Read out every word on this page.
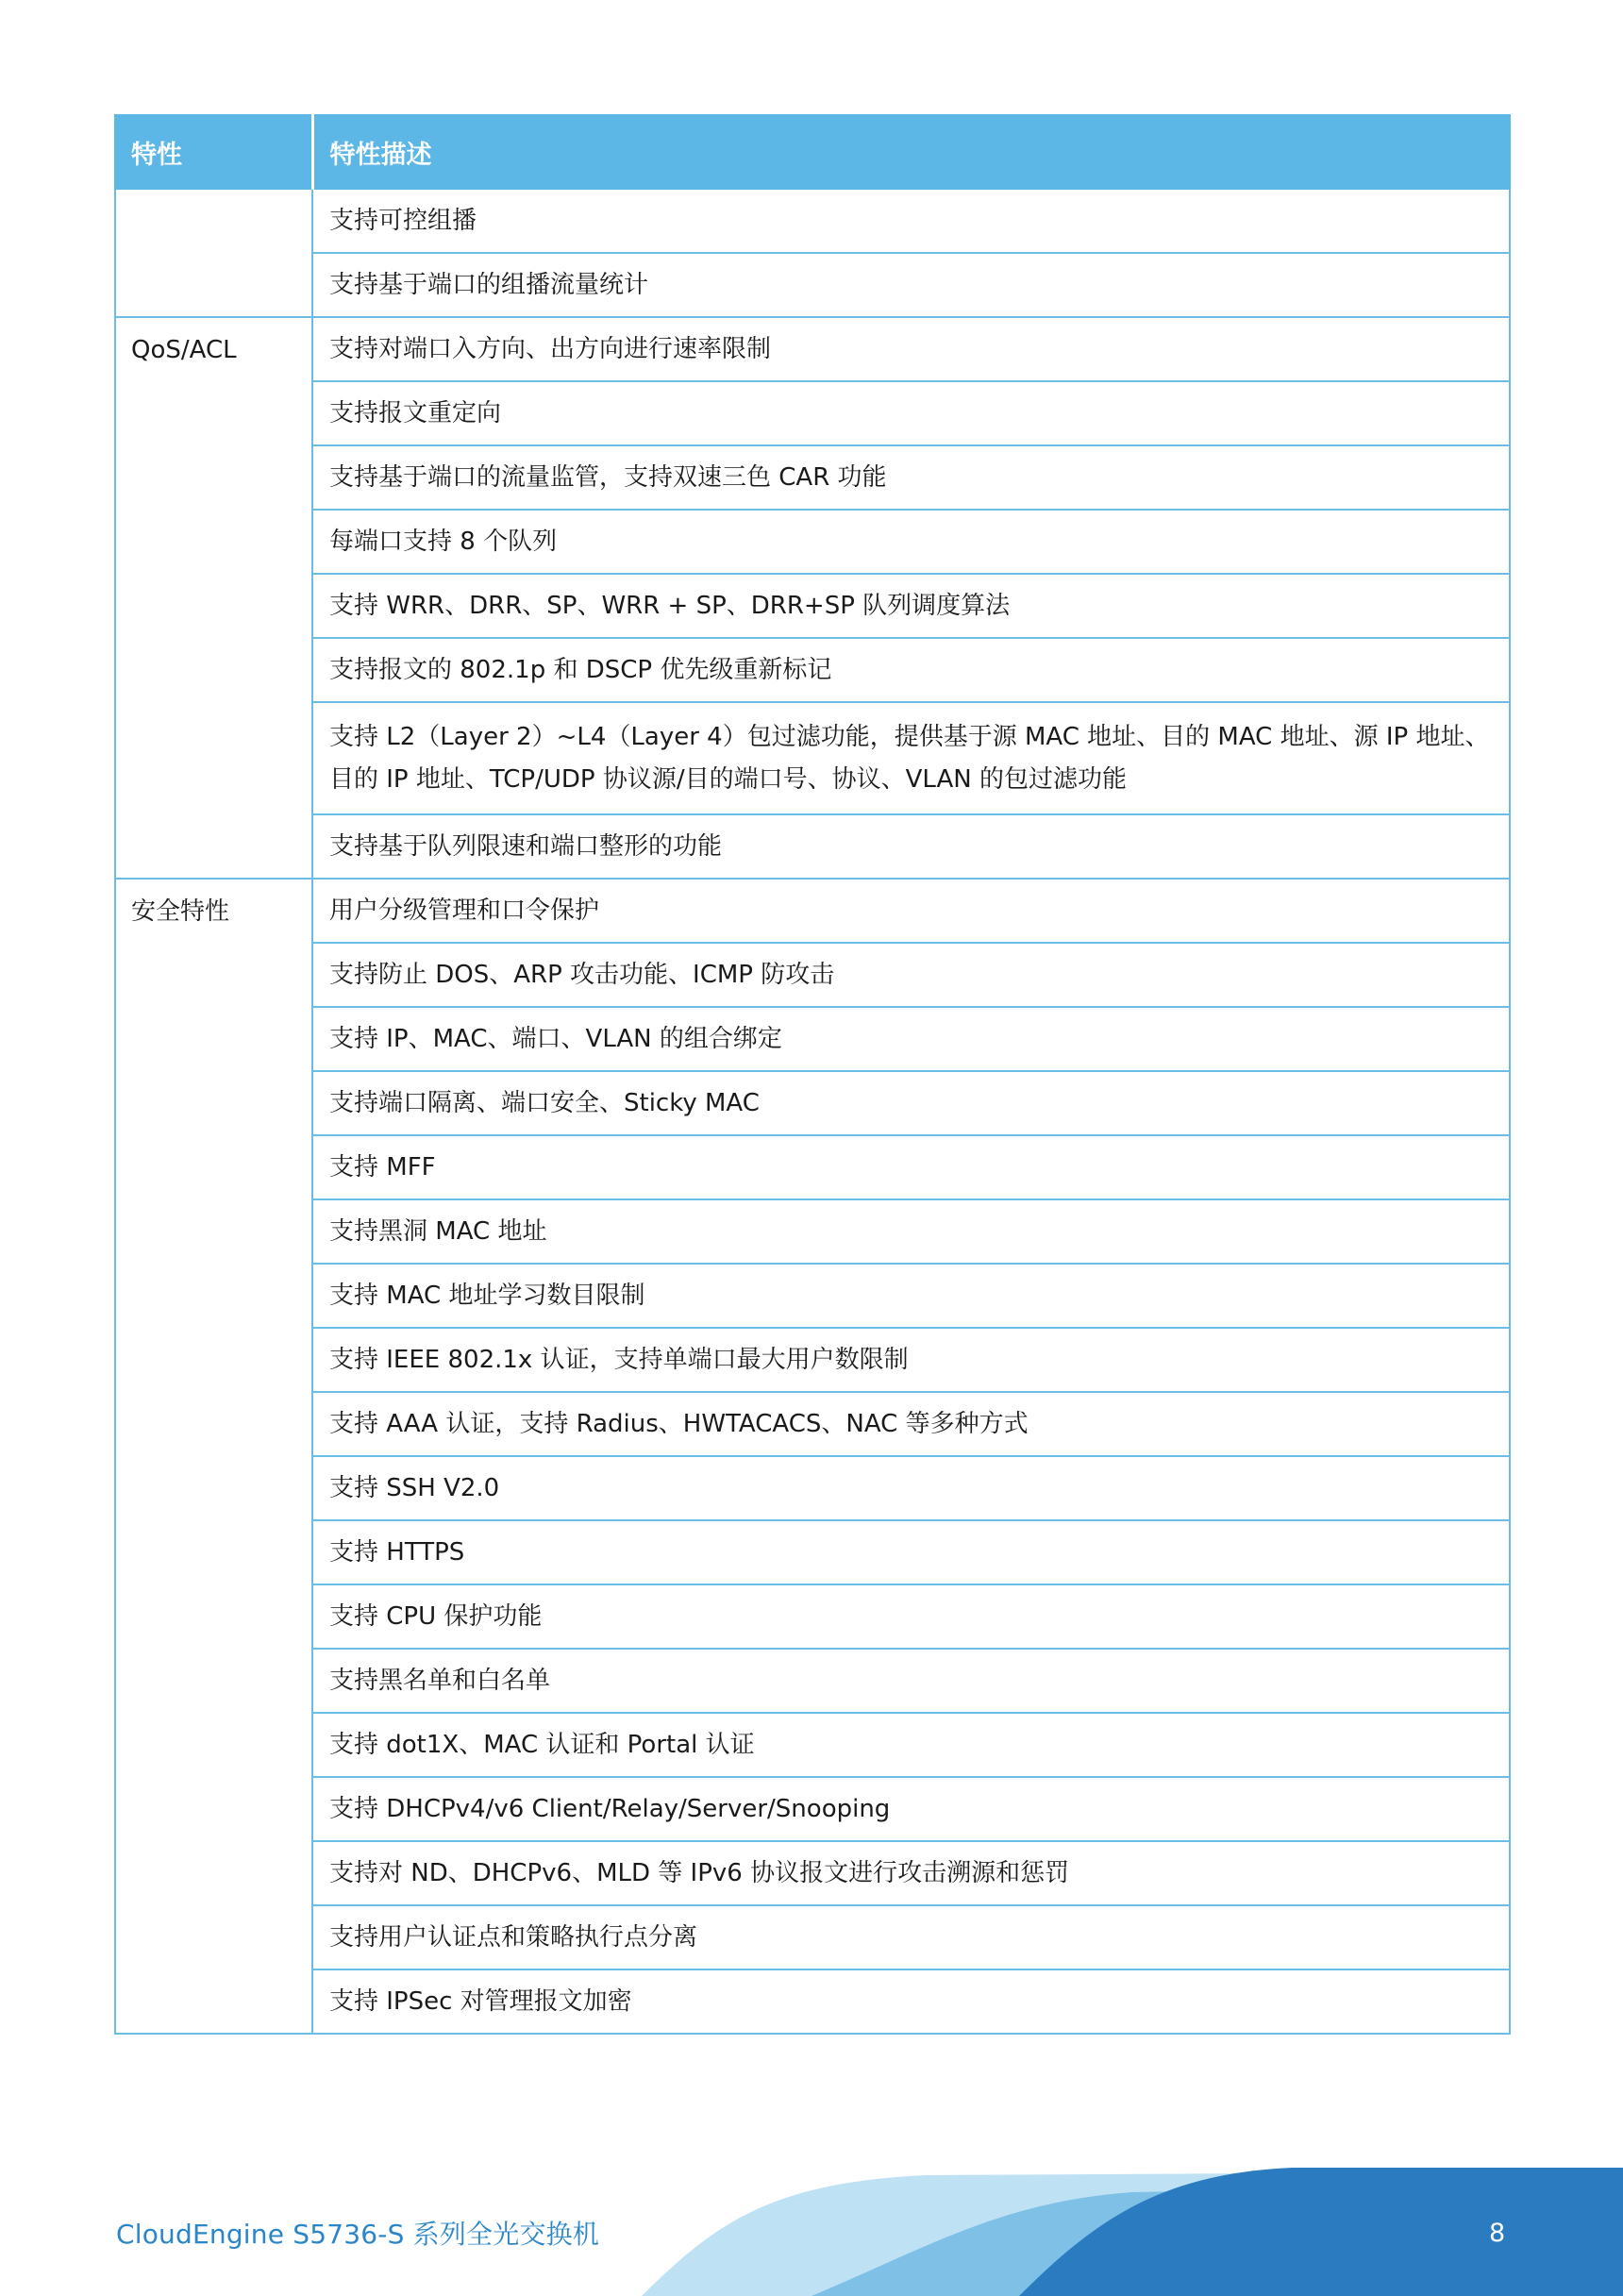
特性	特性描述
	支持可控组播
	支持基于端口的组播流量统计
QoS/ACL	支持对端口入方向、出方向进行速率限制
	支持报文重定向
	支持基于端口的流量监管，支持双速三色 CAR 功能
	每端口支持 8 个队列
	支持 WRR、DRR、SP、WRR + SP、DRR+SP 队列调度算法
	支持报文的 802.1p 和 DSCP 优先级重新标记
	支持 L2（Layer 2）~L4（Layer 4）包过滤功能，提供基于源 MAC 地址、目的 MAC 地址、源 IP 地址、目的 IP 地址、TCP/UDP 协议源/目的端口号、协议、VLAN 的包过滤功能
	支持基于队列限速和端口整形的功能
安全特性	用户分级管理和口令保护
	支持防止 DOS、ARP 攻击功能、ICMP 防攻击
	支持 IP、MAC、端口、VLAN 的组合绑定
	支持端口隔离、端口安全、Sticky MAC
	支持 MFF
	支持黑洞 MAC 地址
	支持 MAC 地址学习数目限制
	支持 IEEE 802.1x 认证，支持单端口最大用户数限制
	支持 AAA 认证，支持 Radius、HWTACACS、NAC 等多种方式
	支持 SSH V2.0
	支持 HTTPS
	支持 CPU 保护功能
	支持黑名单和白名单
	支持 dot1X、MAC 认证和 Portal 认证
	支持 DHCPv4/v6 Client/Relay/Server/Snooping
	支持对 ND、DHCPv6、MLD 等 IPv6 协议报文进行攻击溯源和惩罚
	支持用户认证点和策略执行点分离
	支持 IPSec 对管理报文加密
CloudEngine S5736-S 系列全光交换机	8
